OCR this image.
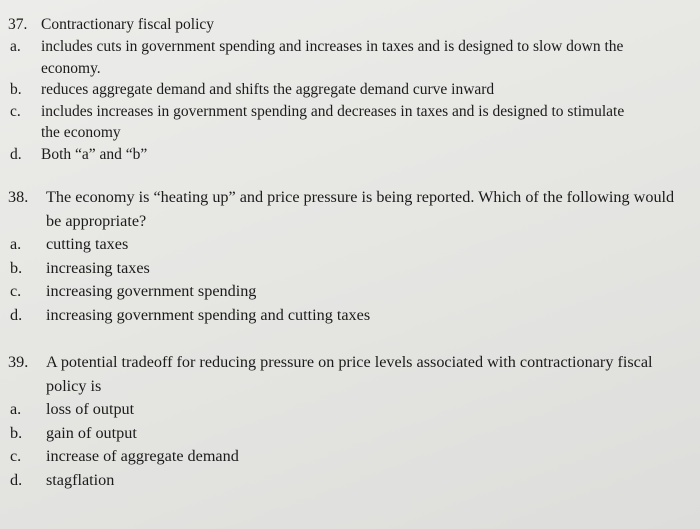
37. Contractionary fiscal policy
a.	includes cuts in government spending and increases in taxes and is designed to slow down the economy.
b.	reduces aggregate demand and shifts the aggregate demand curve inward
c.	includes increases in government spending and decreases in taxes and is designed to stimulate the economy
d.	Both “a” and “b”
38.	The economy is “heating up” and price pressure is being reported. Which of the following would be appropriate?
a.	cutting taxes
b.	increasing taxes
c.	increasing government spending
d.	increasing government spending and cutting taxes
39.	A potential tradeoff for reducing pressure on price levels associated with contractionary fiscal policy is
a.	loss of output
b.	gain of output
c.	increase of aggregate demand
d.	stagflation
